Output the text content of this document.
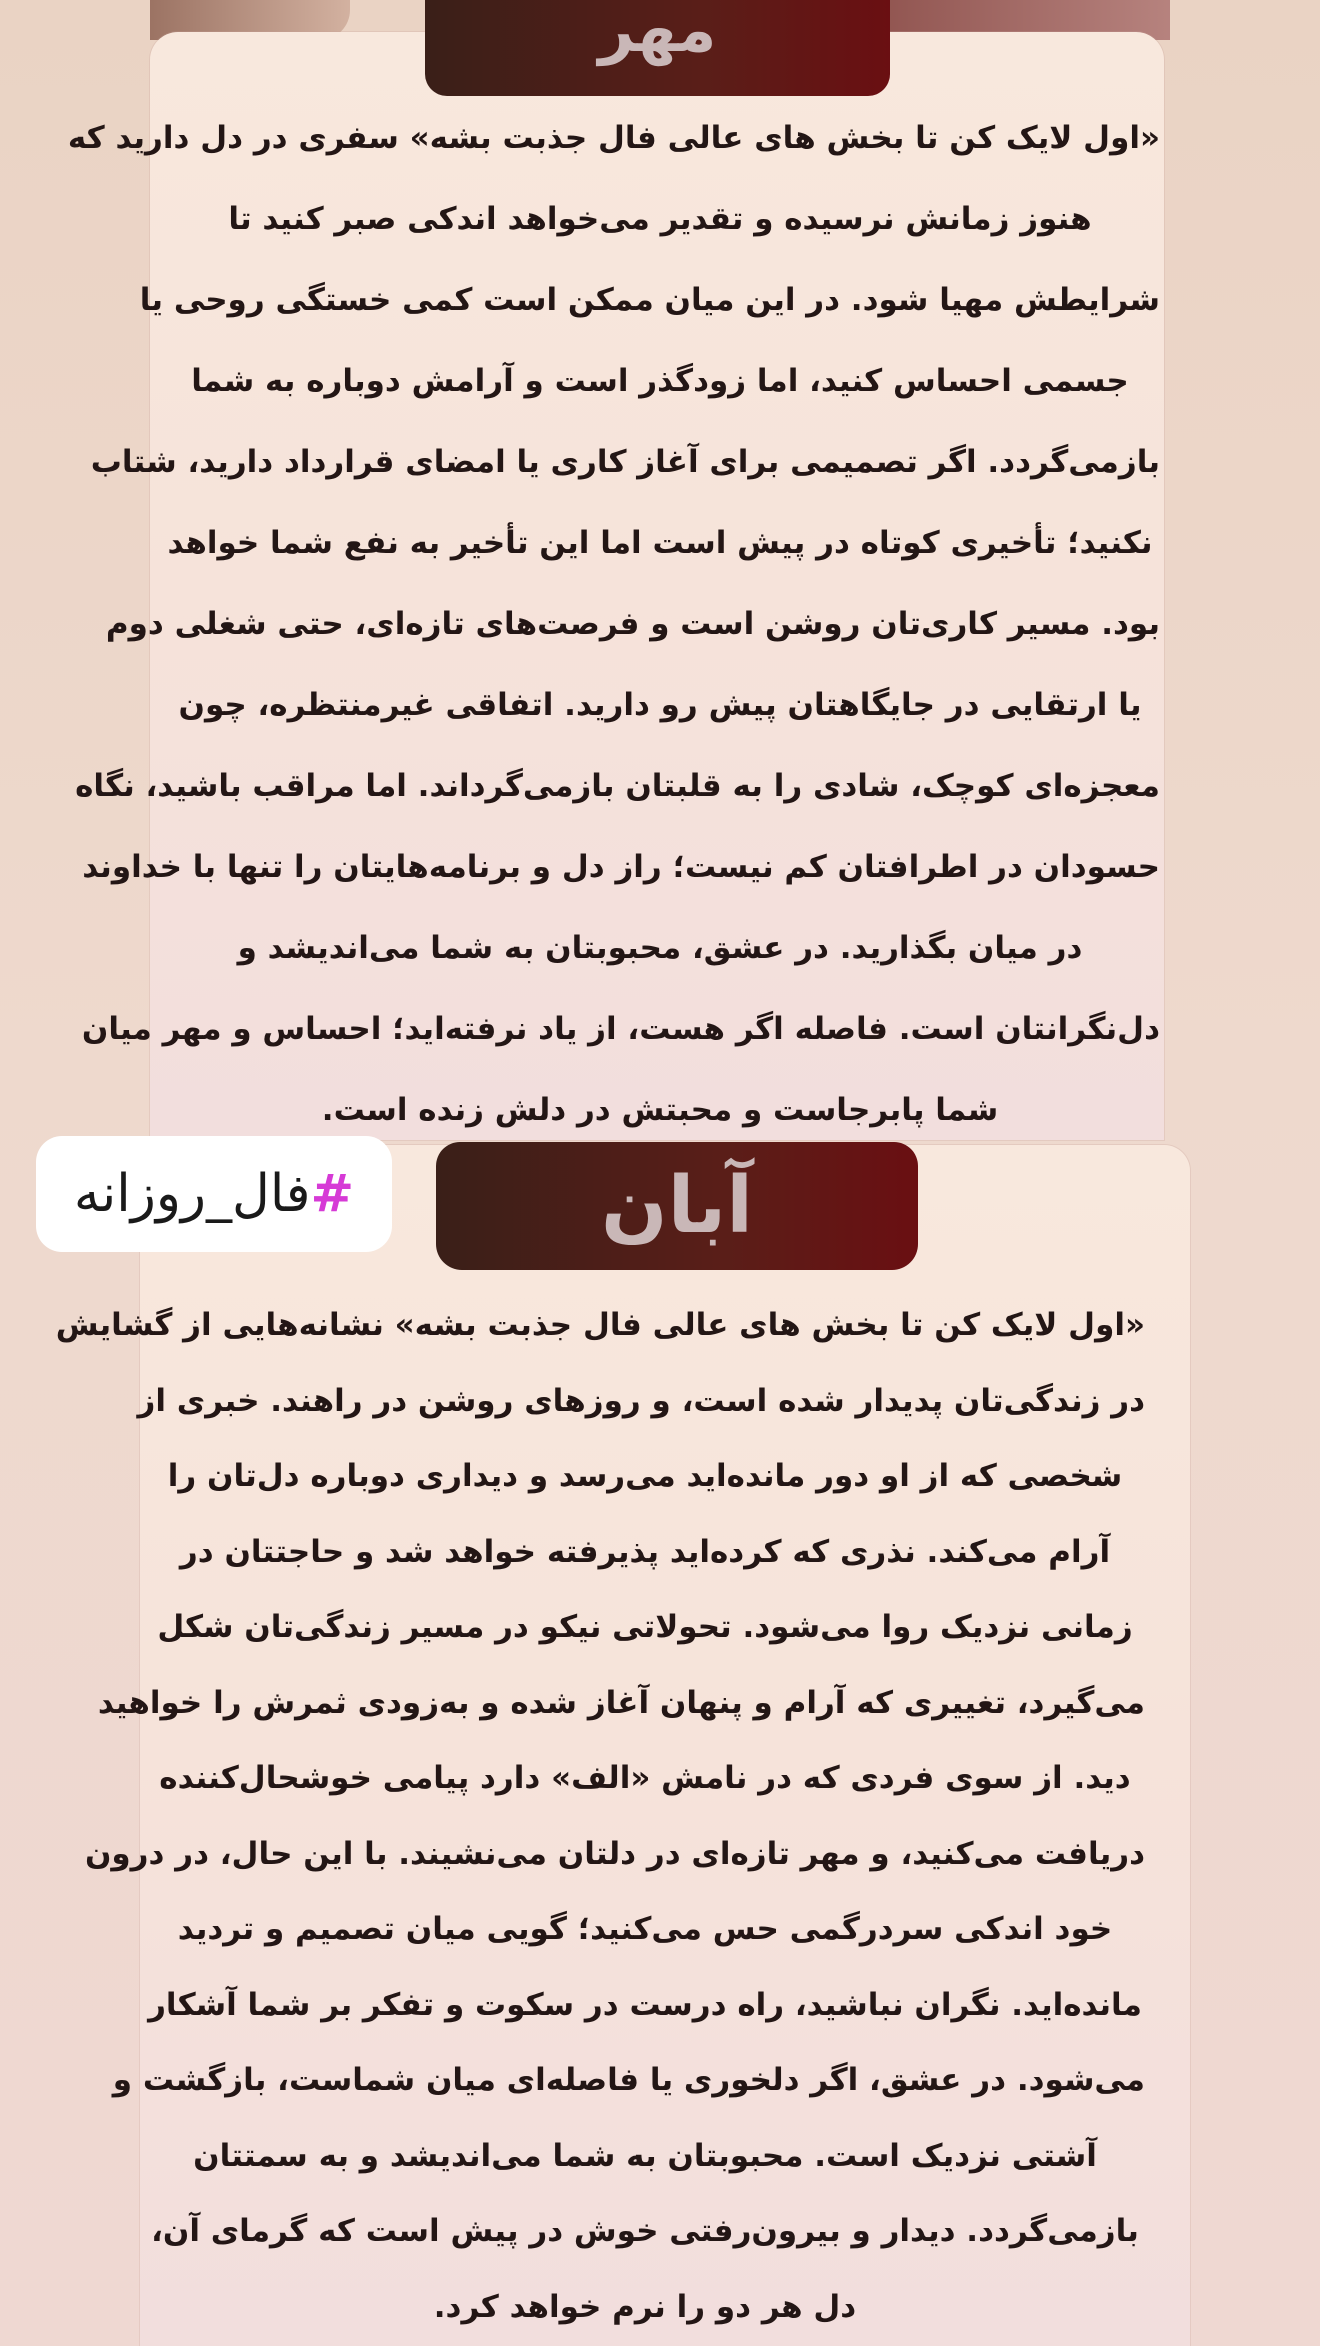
مهر
«اول لایک کن تا بخش های عالی فال جذبت بشه» سفری در دل دارید که
هنوز زمانش نرسیده و تقدیر می‌خواهد اندکی صبر کنید تا
شرایطش مهیا شود. در این میان ممکن است کمی خستگی روحی یا
جسمی احساس کنید، اما زودگذر است و آرامش دوباره به شما
بازمی‌گردد. اگر تصمیمی برای آغاز کاری یا امضای قرارداد دارید، شتاب
نکنید؛ تأخیری کوتاه در پیش است اما این تأخیر به نفع شما خواهد
بود. مسیر کاری‌تان روشن است و فرصت‌های تازه‌ای، حتی شغلی دوم
یا ارتقایی در جایگاهتان پیش رو دارید. اتفاقی غیرمنتظره، چون
معجزه‌ای کوچک، شادی را به قلبتان بازمی‌گرداند. اما مراقب باشید، نگاه
حسودان در اطرافتان کم نیست؛ راز دل و برنامه‌هایتان را تنها با خداوند
در میان بگذارید. در عشق، محبوبتان به شما می‌اندیشد و
دل‌نگرانتان است. فاصله اگر هست، از یاد نرفته‌اید؛ احساس و مهر میان
شما پابرجاست و محبتش در دلش زنده است.
آبان
«اول لایک کن تا بخش های عالی فال جذبت بشه» نشانه‌هایی از گشایش
در زندگی‌تان پدیدار شده است، و روزهای روشن در راهند. خبری از
شخصی که از او دور مانده‌اید می‌رسد و دیداری دوباره دل‌تان را
آرام می‌کند. نذری که کرده‌اید پذیرفته خواهد شد و حاجتتان در
زمانی نزدیک روا می‌شود. تحولاتی نیکو در مسیر زندگی‌تان شکل
می‌گیرد، تغییری که آرام و پنهان آغاز شده و به‌زودی ثمرش را خواهید
دید. از سوی فردی که در نامش «الف» دارد پیامی خوشحال‌کننده
دریافت می‌کنید، و مهر تازه‌ای در دلتان می‌نشیند. با این حال، در درون
خود اندکی سردرگمی حس می‌کنید؛ گویی میان تصمیم و تردید
مانده‌اید. نگران نباشید، راه درست در سکوت و تفکر بر شما آشکار
می‌شود. در عشق، اگر دلخوری یا فاصله‌ای میان شماست، بازگشت و
آشتی نزدیک است. محبوبتان به شما می‌اندیشد و به سمتتان
بازمی‌گردد. دیدار و بیرون‌رفتی خوش در پیش است که گرمای آن،
دل هر دو را نرم خواهد کرد.
#
فال_روزانه
